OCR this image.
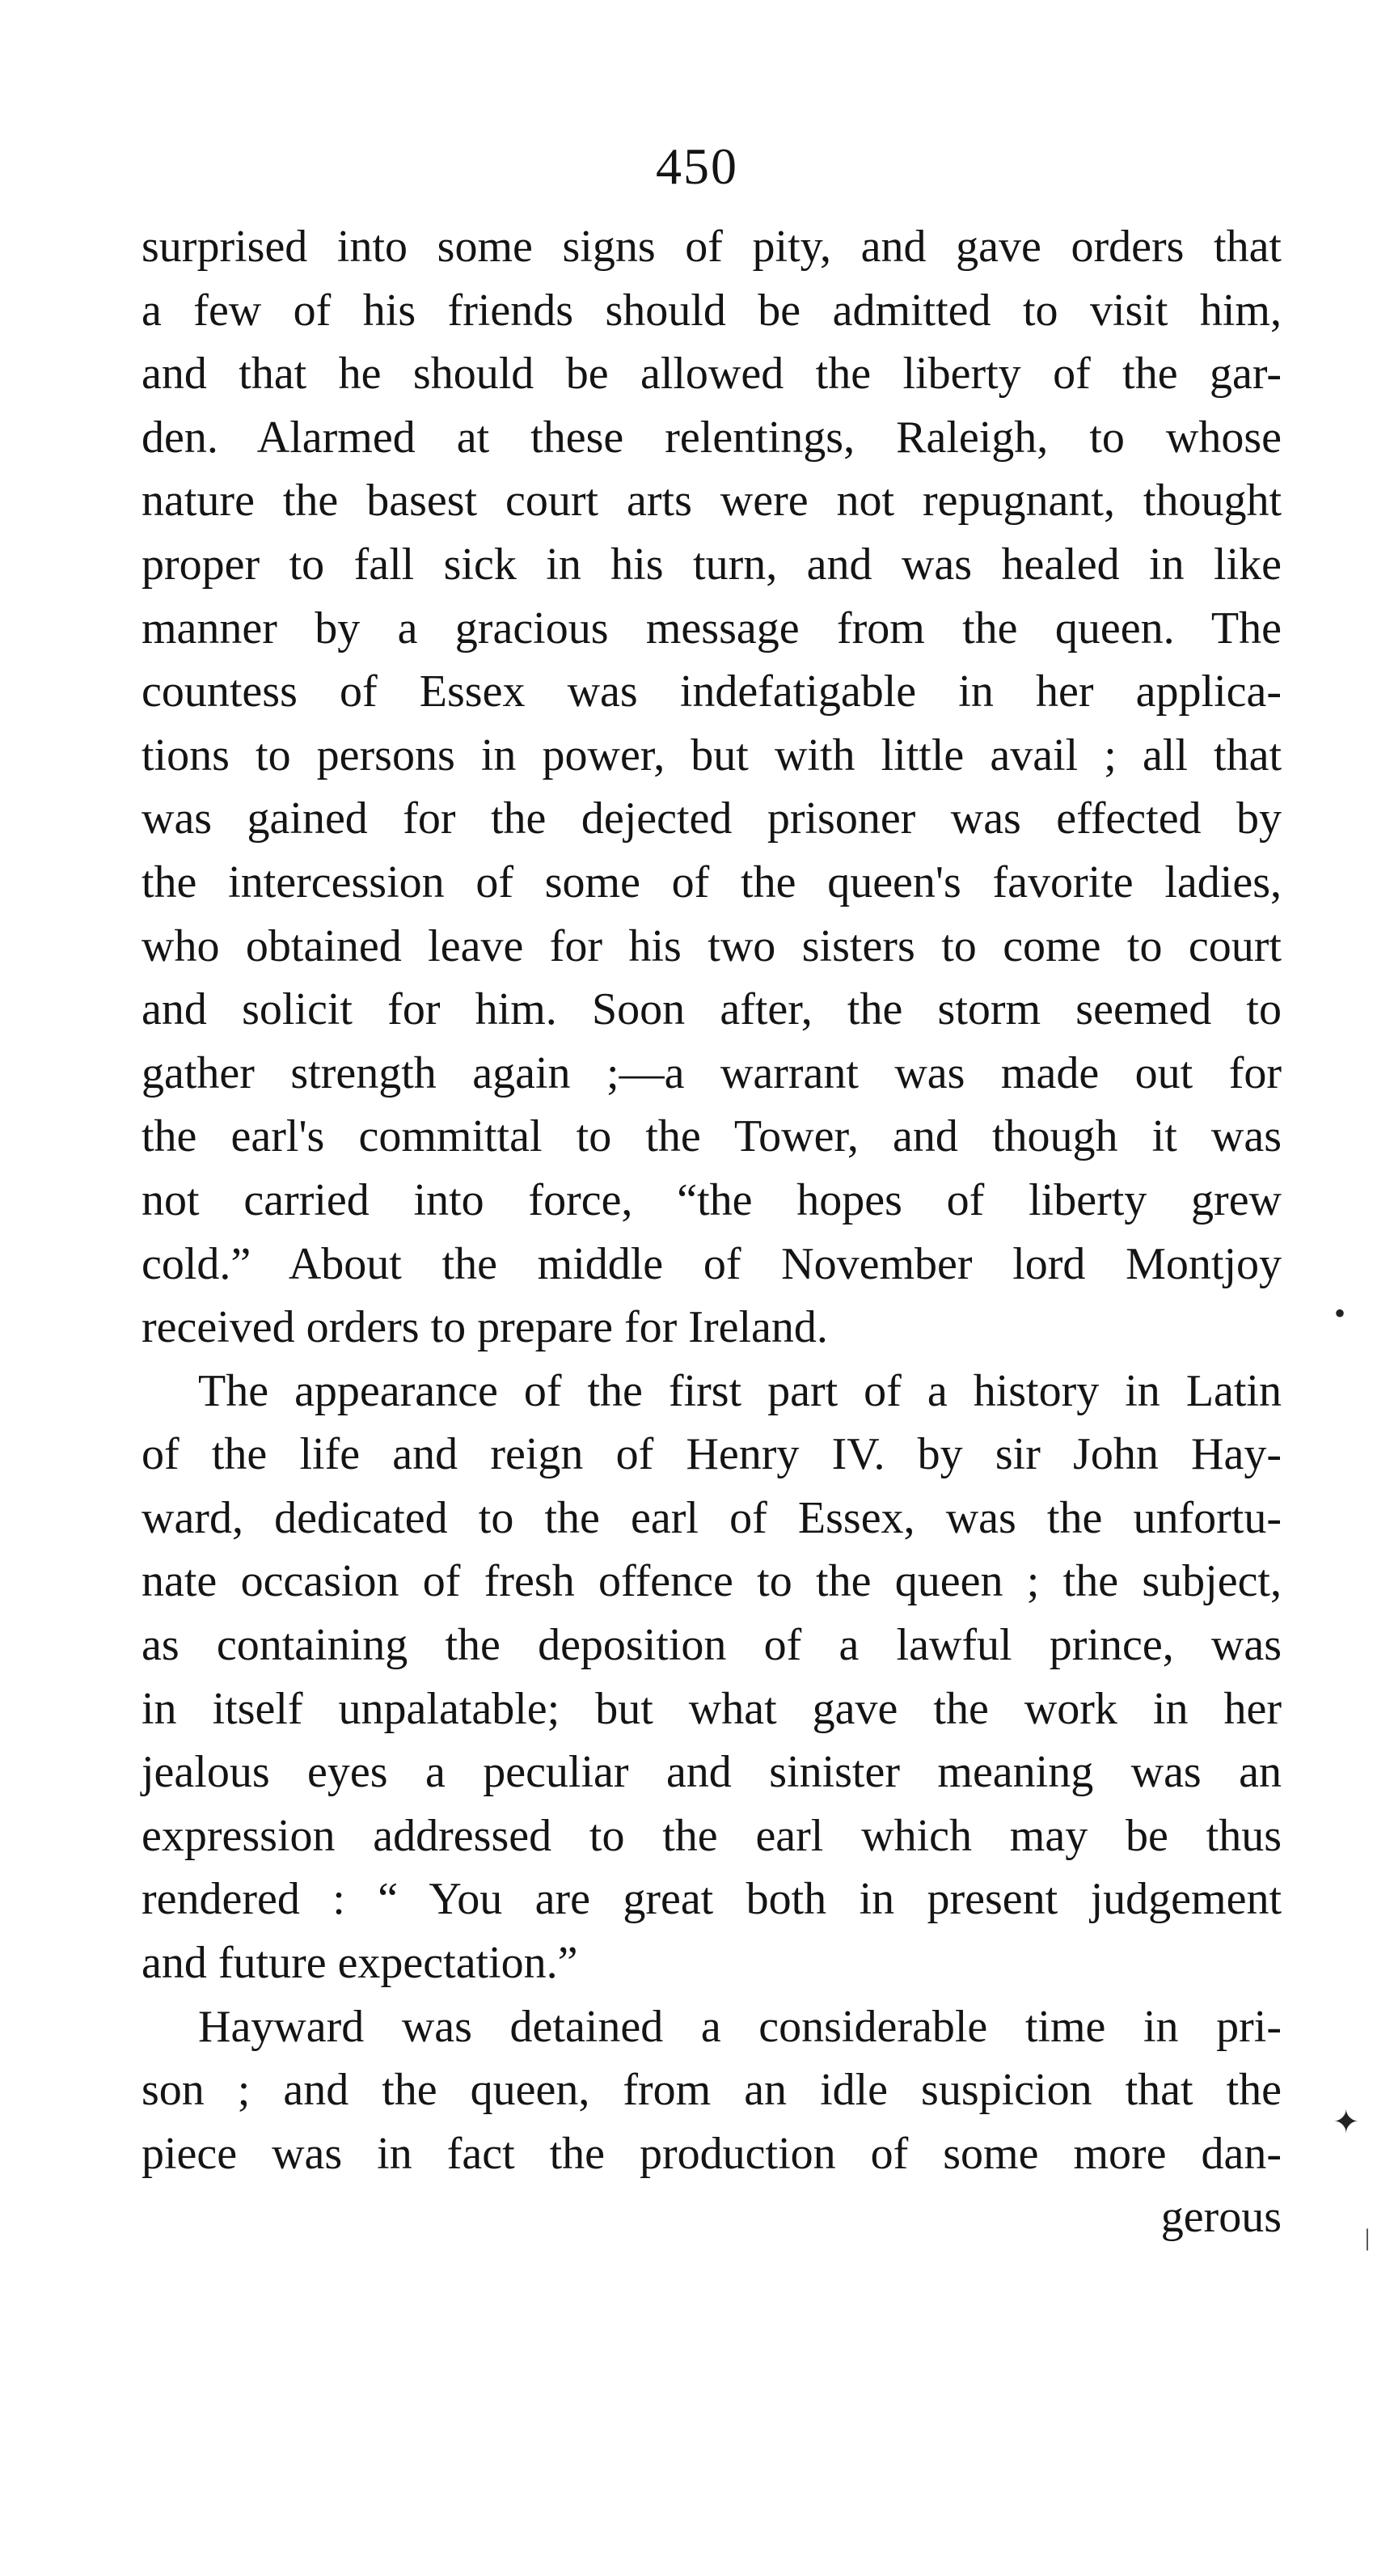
450
surprised into some signs of pity, and gave orders that
a few of his friends should be admitted to visit him,
and that he should be allowed the liberty of the gar-
den. Alarmed at these relentings, Raleigh, to whose
nature the basest court arts were not repugnant, thought
proper to fall sick in his turn, and was healed in like
manner by a gracious message from the queen. The
countess of Essex was indefatigable in her applica-
tions to persons in power, but with little avail ; all that
was gained for the dejected prisoner was effected by
the intercession of some of the queen's favorite ladies,
who obtained leave for his two sisters to come to court
and solicit for him. Soon after, the storm seemed to
gather strength again ;—a warrant was made out for
the earl's committal to the Tower, and though it was
not carried into force, “the hopes of liberty grew
cold.” About the middle of November lord Montjoy
received orders to prepare for Ireland.
The appearance of the first part of a history in Latin
of the life and reign of Henry IV. by sir John Hay-
ward, dedicated to the earl of Essex, was the unfortu-
nate occasion of fresh offence to the queen ; the subject,
as containing the deposition of a lawful prince, was
in itself unpalatable; but what gave the work in her
jealous eyes a peculiar and sinister meaning was an
expression addressed to the earl which may be thus
rendered : “ You are great both in present judgement
and future expectation.”
Hayward was detained a considerable time in pri-
son ; and the queen, from an idle suspicion that the
piece was in fact the production of some more dan-
gerous
•
✦
|
